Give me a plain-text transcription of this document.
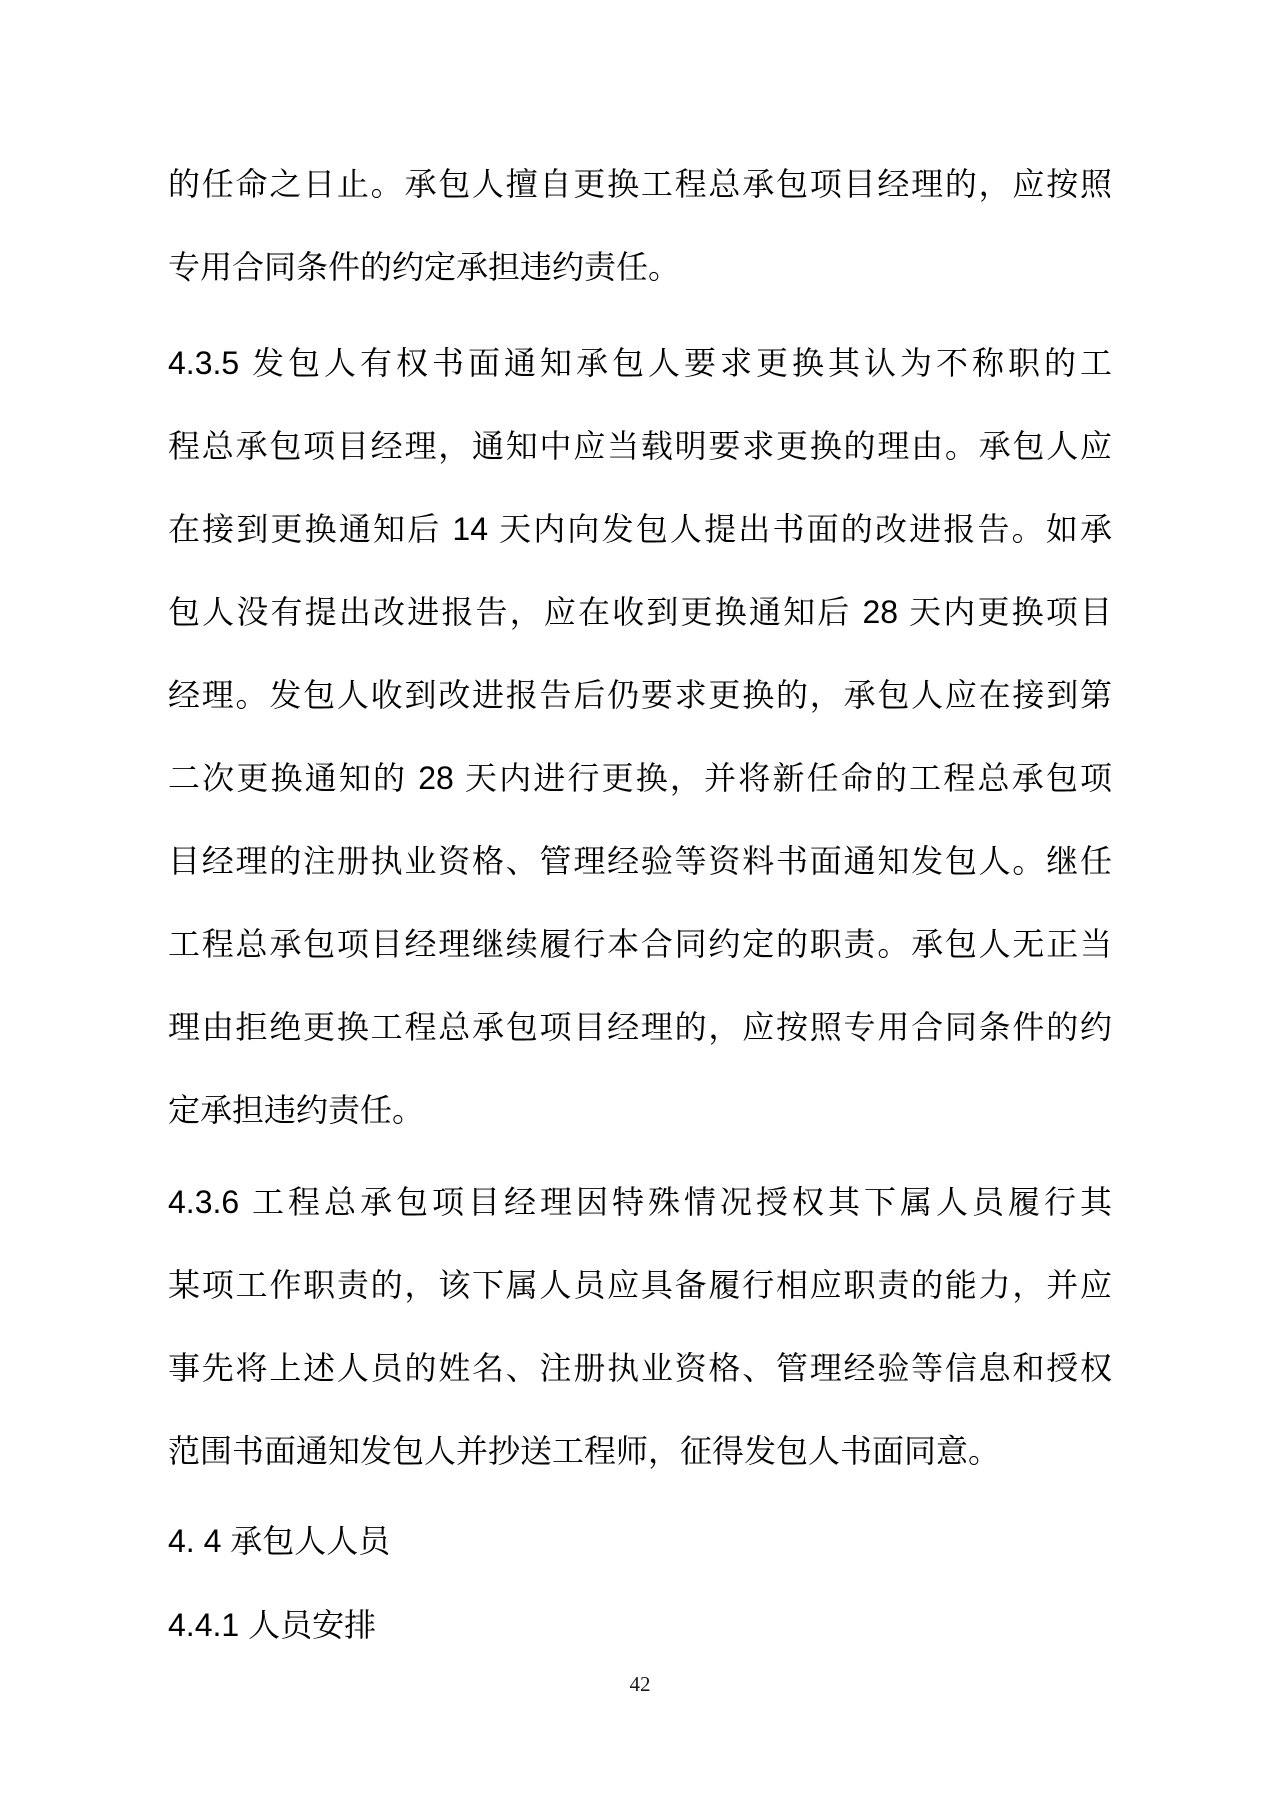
的任命之日止。承包人擅自更换工程总承包项目经理的，应按照
专用合同条件的约定承担违约责任。
4.3.5 发包人有权书面通知承包人要求更换其认为不称职的工
程总承包项目经理，通知中应当载明要求更换的理由。承包人应
在接到更换通知后 14 天内向发包人提出书面的改进报告。如承
包人没有提出改进报告，应在收到更换通知后 28 天内更换项目
经理。发包人收到改进报告后仍要求更换的，承包人应在接到第
二次更换通知的 28 天内进行更换，并将新任命的工程总承包项
目经理的注册执业资格、管理经验等资料书面通知发包人。继任
工程总承包项目经理继续履行本合同约定的职责。承包人无正当
理由拒绝更换工程总承包项目经理的，应按照专用合同条件的约
定承担违约责任。
4.3.6 工程总承包项目经理因特殊情况授权其下属人员履行其
某项工作职责的，该下属人员应具备履行相应职责的能力，并应
事先将上述人员的姓名、注册执业资格、管理经验等信息和授权
范围书面通知发包人并抄送工程师，征得发包人书面同意。
4. 4 承包人人员
4.4.1 人员安排
42
